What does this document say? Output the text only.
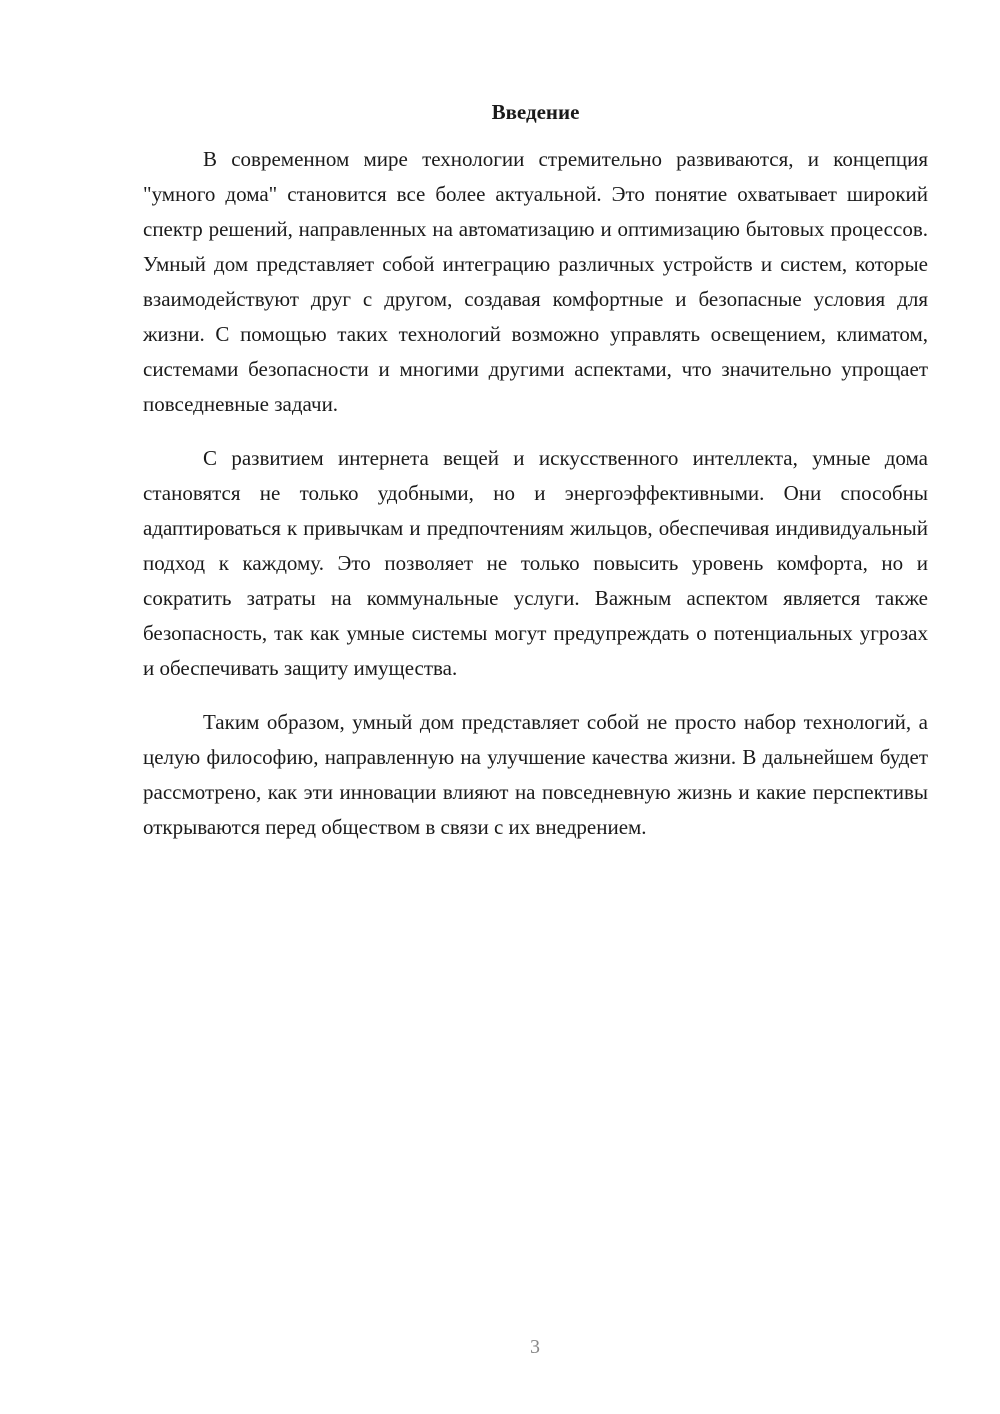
Введение

В современном мире технологии стремительно развиваются, и концепция "умного дома" становится все более актуальной. Это понятие охватывает широкий спектр решений, направленных на автоматизацию и оптимизацию бытовых процессов. Умный дом представляет собой интеграцию различных устройств и систем, которые взаимодействуют друг с другом, создавая комфортные и безопасные условия для жизни. С помощью таких технологий возможно управлять освещением, климатом, системами безопасности и многими другими аспектами, что значительно упрощает повседневные задачи.

С развитием интернета вещей и искусственного интеллекта, умные дома становятся не только удобными, но и энергоэффективными. Они способны адаптироваться к привычкам и предпочтениям жильцов, обеспечивая индивидуальный подход к каждому. Это позволяет не только повысить уровень комфорта, но и сократить затраты на коммунальные услуги. Важным аспектом является также безопасность, так как умные системы могут предупреждать о потенциальных угрозах и обеспечивать защиту имущества.

Таким образом, умный дом представляет собой не просто набор технологий, а целую философию, направленную на улучшение качества жизни. В дальнейшем будет рассмотрено, как эти инновации влияют на повседневную жизнь и какие перспективы открываются перед обществом в связи с их внедрением.

3
